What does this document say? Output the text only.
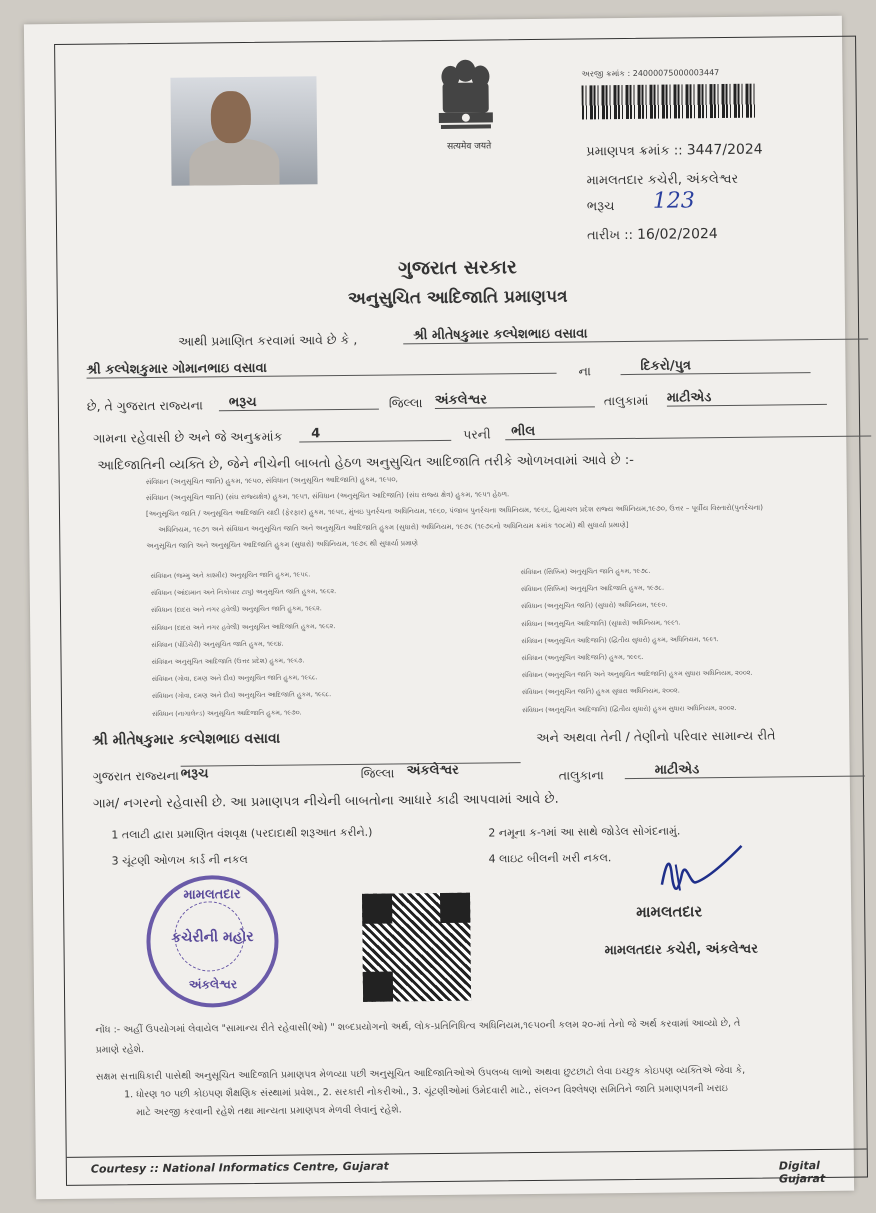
सत्यमेव जयते
અરજી ક્રમાંક : 24000075000003447
પ્રમાણપત્ર ક્રમાંક :: 3447/2024
મામલતદાર કચેરી, અંકલેશ્વર
ભરૂચ 123
તારીખ :: 16/02/2024
ગુજરાત સરકાર
અનુસુચિત આદિજાતિ પ્રમાણપત્ર
આથી પ્રમાણિત કરવામાં આવે છે કે ,	શ્રી મીતેષકુમાર કલ્પેશભાઇ વસાવા
શ્રી કલ્પેશકુમાર ગોમાનભાઇ વસાવા	ના	દિકરો/પુત્ર
છે, તે ગુજરાત રાજ્યના	ભરૂચ	જિલ્લા અંકલેશ્વર	તાલુકામાં માટીએડ
ગામના રહેવાસી છે અને જે અનુક્રમાંક	4	પરની	ભીલ
આદિજાતિની વ્યક્તિ છે, જેને નીચેની બાબતો હેઠળ અનુસુચિત આદિજાતિ તરીકે ઓળખવામાં આવે છે :-
સંવિધાન (અનુસૂચિત જાતિ) હુકમ, ૧૯૫૦, સંવિધાન (અનુસૂચિત આદિજાતિ) હુકમ, ૧૯૫૦,
સંવિધાન (અનુસૂચિત જાતિ) (સંઘ રાજ્યક્ષેત્ર) હુકમ, ૧૯૫૧, સંવિધાન (અનુસૂચિત આદિજાતિ) (સંઘ રાજ્ય ક્ષેત્ર) હુકમ, ૧૯૫૧ હેઠળ.
[અનુસૂચિત જાતિ / અનુસૂચિત આદિજાતિ યાદી (ફેરફાર) હુકમ, ૧૯૫૬, મુંબઇ પુનર્રચના અધિનિયમ, ૧૯૬૦, પંજાબ પુનર્રચના અધિનિયમ, ૧૯૬૬, હિમાચલ પ્રદેશ રાજ્ય અધિનિયમ,૧૯૭૦, ઉત્તર – પૂર્વીય વિસ્તારો(પુનર્રચના)
અધિનિયમ, ૧૯૭૧ અને સંવિધાન અનુસૂચિત જાતિ અને અનુસૂચિત આદિજાતિ હુકમ (સુધારો) અધિનિયમ, ૧૯૭૬ (૧૯૭૬નો અધિનિયમ ક્રમાંક ૧૦૮મો) થી સુધાર્યા પ્રમાણે]
અનુસૂચિત જાતિ અને અનુસૂચિત આદિજાતિ હુકમ (સુધારો) અધિનિયમ, ૧૯૭૬ થી સુધાર્યા પ્રમાણે
સંવિધાન (જમ્મુ અને કાશ્મીર) અનુસૂચિત જાતિ હુકમ, ૧૯૫૬.
સંવિધાન (આંદામાન અને નિકોબાર ટાપુ) અનુસૂચિત જાતિ હુકમ, ૧૯૬૨.
સંવિધાન (દાદરા અને નગર હવેલી) અનુસૂચિત જાતિ હુકમ, ૧૯૬૨.
સંવિધાન (દાદરા અને નગર હવેલી) અનુસૂચિત આદિજાતિ હુકમ, ૧૯૬૨.
સંવિધાન (પોંડિચેરી) અનુસૂચિત જાતિ હુકમ, ૧૯૬૪.
સંવિધાન અનુસૂચિત આદિજાતિ (ઉત્તર પ્રદેશ) હુકમ, ૧૯૬૭.
સંવિધાન (ગોવા, દમણ અને દીવ) અનુસૂચિત જાતિ હુકમ, ૧૯૬૮.
સંવિધાન (ગોવા, દમણ અને દીવ) અનુસૂચિત આદિજાતિ હુકમ, ૧૯૬૮.
સંવિધાન (નાગાલેન્ડ) અનુસૂચિત આદિજાતિ હુકમ, ૧૯૭૦.
સંવિધાન (સિક્કિમ) અનુસૂચિત જાતિ હુકમ, ૧૯૭૮.
સંવિધાન (સિક્કિમ) અનુસૂચિત આદિજાતિ હુકમ, ૧૯૭૮.
સંવિધાન (અનુસૂચિત જાતિ) (સુધારો) અધિનિયમ, ૧૯૯૦.
સંવિધાન (અનુસૂચિત આદિજાતિ) (સુધારો) અધિનિયમ, ૧૯૯૧.
સંવિધાન (અનુસૂચિત આદિજાતિ) (દ્વિતીય સુધારો) હુકમ, અધિનિયમ, ૧૯૯૧.
સંવિધાન (અનુસૂચિત આદિજાતિ) હુકમ, ૧૯૯૬.
સંવિધાન (અનુસૂચિત જાતિ અને અનુસૂચિત આદિજાતિ) હુકમ સુધારા અધિનિયમ, ૨૦૦૨.
સંવિધાન (અનુસૂચિત જાતિ) હુકમ સુધારા અધિનિયમ, ૨૦૦૨.
સંવિધાન (અનુસૂચિત આદિજાતિ) (દ્વિતીય સુધારો) હુકમ સુધારા અધિનિયમ, ૨૦૦૨.
શ્રી મીતેષકુમાર કલ્પેશભાઇ વસાવા	અને અથવા તેની / તેણીનો પરિવાર સામાન્ય રીતે
ગુજરાત રાજ્યના ભરૂચ	જિલ્લા અંકલેશ્વર	તાલુકાના	માટીએડ
ગામ/ નગરનો રહેવાસી છે. આ પ્રમાણપત્ર નીચેની બાબતોના આધારે કાઢી આપવામાં આવે છે.
1 તલાટી દ્વારા પ્રમાણિત વંશવૃક્ષ (પરદાદાથી શરૂઆત કરીને.)	2 નમૂના ક-૧માં આ સાથે જોડેલ સોગંદનામું.
3 ચૂંટણી ઓળખ કાર્ડ ની નકલ	4 લાઇટ બીલની ખરી નકલ.
મામલતદાર
કચેરીની મહોર
અંકલેશ્વર
મામલતદાર
મામલતદાર કચેરી, અંકલેશ્વર
નોંધ :- અહીં ઉપયોગમાં લેવાયેલ "સામાન્ય રીતે રહેવાસી(ઓ) " શબ્દપ્રયોગનો અર્થ, લોક-પ્રતિનિધિત્વ અધિનિયમ,૧૯૫૦ની કલમ ૨૦-માં તેનો જે અર્થ કરવામાં આવ્યો છે, તે
પ્રમાણે રહેશે.
સક્ષમ સત્તાધિકારી પાસેથી અનુસૂચિત આદિજાતિ પ્રમાણપત્ર મેળવ્યા પછી અનુસૂચિત આદિજાતિઓએ ઉપલબ્ધ લાભો અથવા છુટછાટો લેવા ઇચ્છુક કોઇપણ વ્યક્તિએ જેવા કે,
1. ધોરણ ૧૦ પછી કોઇપણ શૈક્ષણિક સંસ્થામાં પ્રવેશ., 2. સરકારી નોકરીઓ., 3. ચૂંટણીઓમાં ઉમેદવારી માટે., સંલગ્ન વિશ્લેષણ સમિતિને જાતિ પ્રમાણપત્રની ખરાઇ
માટે અરજી કરવાની રહેશે તથા માન્યતા પ્રમાણપત્ર મેળવી લેવાનું રહેશે.
Courtesy :: National Informatics Centre, Gujarat	Digital Gujarat
